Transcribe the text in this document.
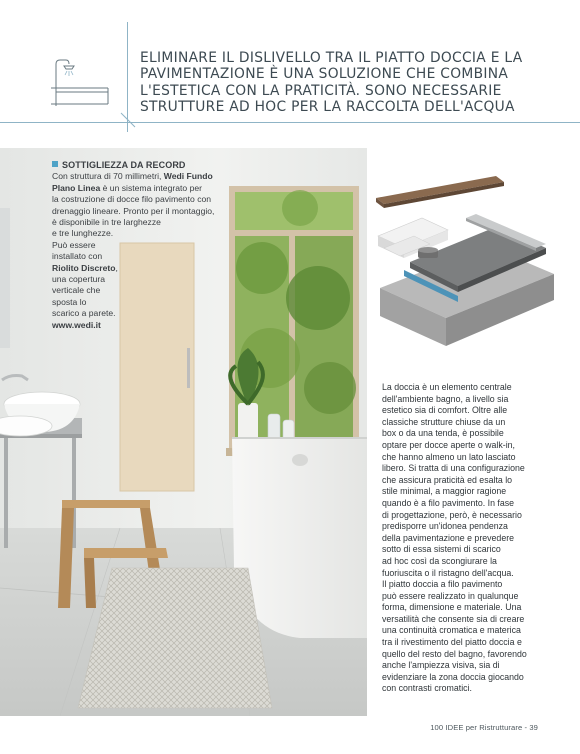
ELIMINARE IL DISLIVELLO TRA IL PIATTO DOCCIA E LA
PAVIMENTAZIONE È UNA SOLUZIONE CHE COMBINA
L'ESTETICA CON LA PRATICITÀ. SONO NECESSARIE
STRUTTURE AD HOC PER LA RACCOLTA DELL'ACQUA
SOTTIGLIEZZA DA RECORD
Con struttura di 70 millimetri, Wedi Fundo
Plano Linea è un sistema integrato per
la costruzione di docce filo pavimento con
drenaggio lineare. Pronto per il montaggio,
è disponibile in tre larghezze
e tre lunghezze.
Può essere
installato con
Riolito Discreto,
una copertura
verticale che
sposta lo
scarico a parete.
www.wedi.it
La doccia è un elemento centrale
dell'ambiente bagno, a livello sia
estetico sia di comfort. Oltre alle
classiche strutture chiuse da un
box o da una tenda, è possibile
optare per docce aperte o walk-in,
che hanno almeno un lato lasciato
libero. Si tratta di una configurazione
che assicura praticità ed esalta lo
stile minimal, a maggior ragione
quando è a filo pavimento. In fase
di progettazione, però, è necessario
predisporre un'idonea pendenza
della pavimentazione e prevedere
sotto di essa sistemi di scarico
ad hoc così da scongiurare la
fuoriuscita o il ristagno dell'acqua.
Il piatto doccia a filo pavimento
può essere realizzato in qualunque
forma, dimensione e materiale. Una
versatilità che consente sia di creare
una continuità cromatica e materica
tra il rivestimento del piatto doccia e
quello del resto del bagno, favorendo
anche l'ampiezza visiva, sia di
evidenziare la zona doccia giocando
con contrasti cromatici.
100 IDEE per Ristrutturare - 39
